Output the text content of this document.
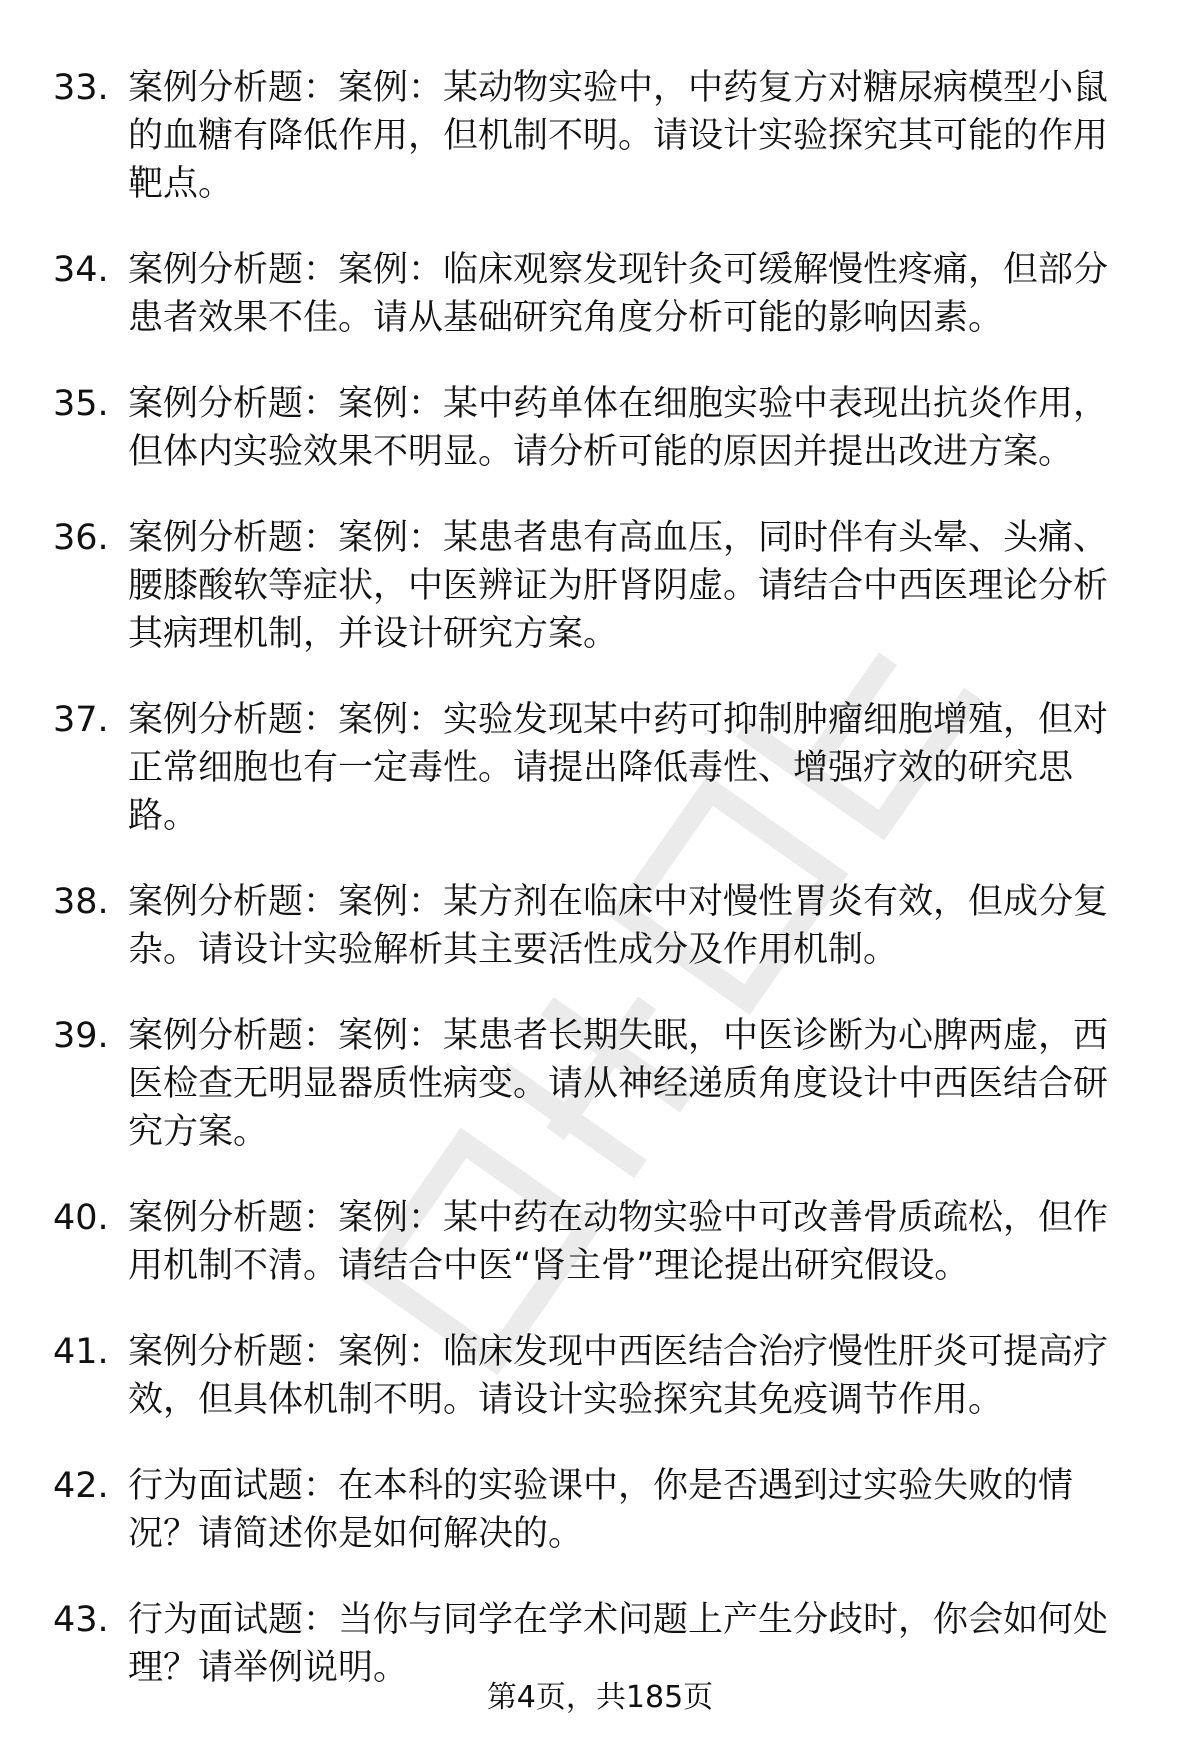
33. 案例分析题：案例：某动物实验中，中药复方对糖尿病模型小鼠
的血糖有降低作用，但机制不明。请设计实验探究其可能的作用
靶点。
34. 案例分析题：案例：临床观察发现针灸可缓解慢性疼痛，但部分
患者效果不佳。请从基础研究角度分析可能的影响因素。
35. 案例分析题：案例：某中药单体在细胞实验中表现出抗炎作用，
但体内实验效果不明显。请分析可能的原因并提出改进方案。
36. 案例分析题：案例：某患者患有高血压，同时伴有头晕、头痛、
腰膝酸软等症状，中医辨证为肝肾阴虚。请结合中西医理论分析
其病理机制，并设计研究方案。
37. 案例分析题：案例：实验发现某中药可抑制肿瘤细胞增殖，但对
正常细胞也有一定毒性。请提出降低毒性、增强疗效的研究思
路。
38. 案例分析题：案例：某方剂在临床中对慢性胃炎有效，但成分复
杂。请设计实验解析其主要活性成分及作用机制。
39. 案例分析题：案例：某患者长期失眠，中医诊断为心脾两虚，西
医检查无明显器质性病变。请从神经递质角度设计中西医结合研
究方案。
40. 案例分析题：案例：某中药在动物实验中可改善骨质疏松，但作
用机制不清。请结合中医“肾主骨”理论提出研究假设。
41. 案例分析题：案例：临床发现中西医结合治疗慢性肝炎可提高疗
效，但具体机制不明。请设计实验探究其免疫调节作用。
42. 行为面试题：在本科的实验课中，你是否遇到过实验失败的情
况？请简述你是如何解决的。
43. 行为面试题：当你与同学在学术问题上产生分歧时，你会如何处
理？请举例说明。
第4页，共185页
